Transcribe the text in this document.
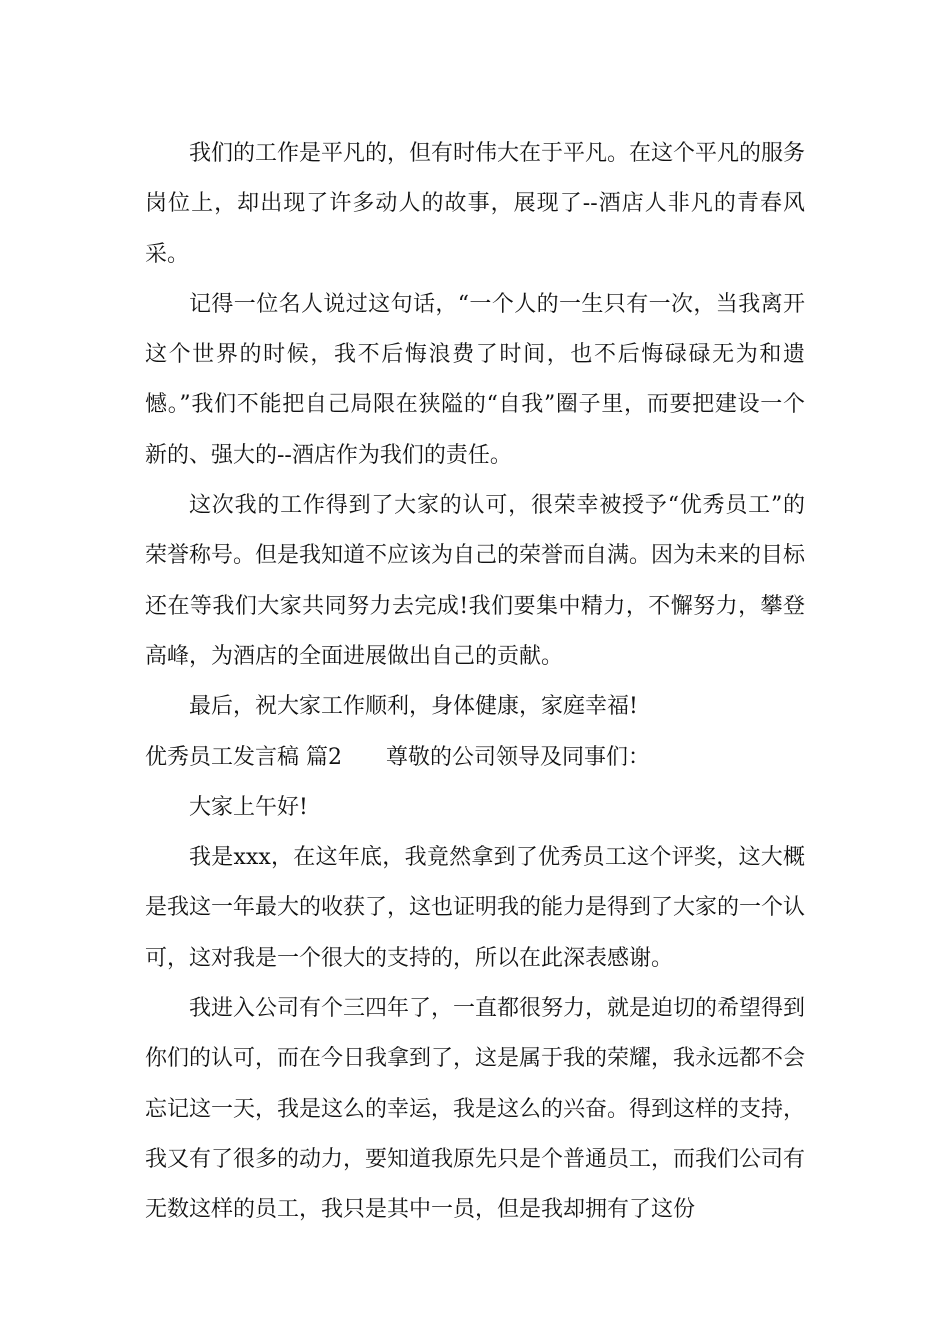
我们的工作是平凡的，但有时伟大在于平凡。在这个平凡的服务岗位上，却出现了许多动人的故事，展现了--酒店人非凡的青春风采。

记得一位名人说过这句话，“一个人的一生只有一次，当我离开这个世界的时候，我不后悔浪费了时间，也不后悔碌碌无为和遗憾。”我们不能把自己局限在狭隘的“自我”圈子里，而要把建设一个新的、强大的--酒店作为我们的责任。

这次我的工作得到了大家的认可，很荣幸被授予“优秀员工”的荣誉称号。但是我知道不应该为自己的荣誉而自满。因为未来的目标还在等我们大家共同努力去完成!我们要集中精力，不懈努力，攀登高峰，为酒店的全面进展做出自己的贡献。

最后，祝大家工作顺利，身体健康，家庭幸福!

优秀员工发言稿 篇2 尊敬的公司领导及同事们：

大家上午好!

我是xxx，在这年底，我竟然拿到了优秀员工这个评奖，这大概是我这一年最大的收获了，这也证明我的能力是得到了大家的一个认可，这对我是一个很大的支持的，所以在此深表感谢。

我进入公司有个三四年了，一直都很努力，就是迫切的希望得到你们的认可，而在今日我拿到了，这是属于我的荣耀，我永远都不会忘记这一天，我是这么的幸运，我是这么的兴奋。得到这样的支持，我又有了很多的动力，要知道我原先只是个普通员工，而我们公司有无数这样的员工，我只是其中一员，但是我却拥有了这份
